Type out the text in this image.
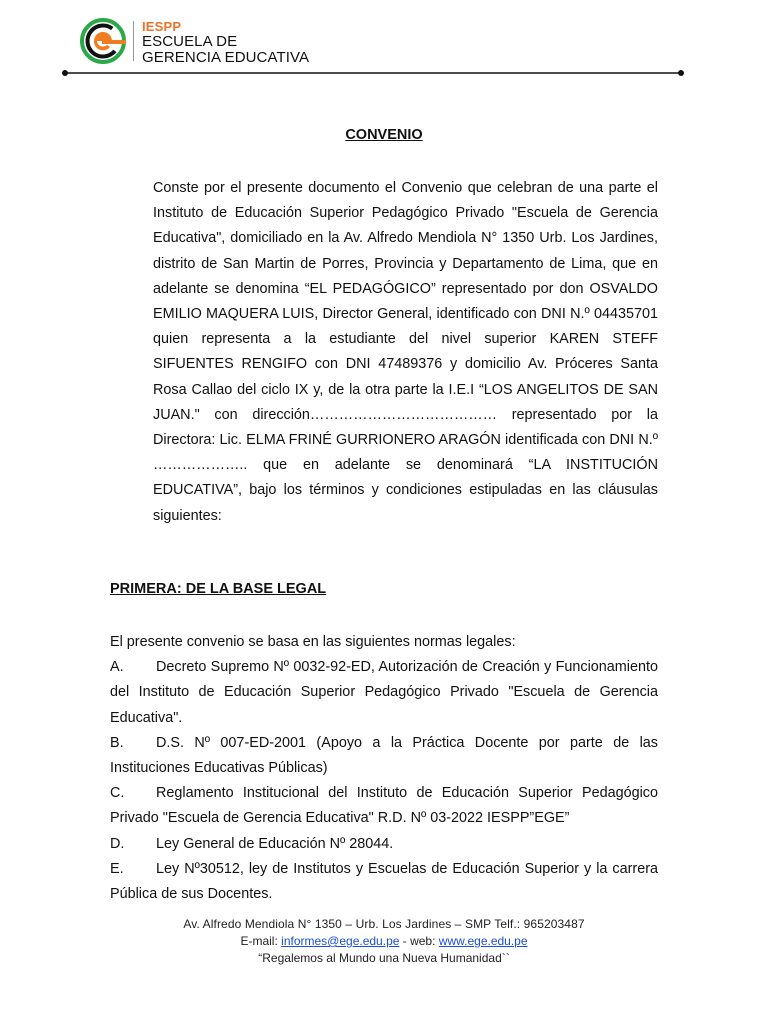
IESPP
ESCUELA DE
GERENCIA EDUCATIVA
CONVENIO

Conste por el presente documento el Convenio que celebran de una parte el Instituto de Educación Superior Pedagógico Privado "Escuela de Gerencia Educativa", domiciliado en la Av. Alfredo Mendiola N° 1350 Urb. Los Jardines, distrito de San Martin de Porres, Provincia y Departamento de Lima, que en adelante se denomina “EL PEDAGÓGICO” representado por don OSVALDO EMILIO MAQUERA LUIS, Director General, identificado con DNI N.º 04435701 quien representa a la estudiante del nivel superior KAREN STEFF SIFUENTES RENGIFO con DNI 47489376 y domicilio Av. Próceres Santa Rosa Callao del ciclo IX y, de la otra parte la I.E.I “LOS ANGELITOS DE SAN JUAN." con dirección………………………………… representado por la Directora: Lic. ELMA FRINÉ GURRIONERO ARAGÓN identificada con DNI N.º ……………….. que en adelante se denominará “LA INSTITUCIÓN EDUCATIVA”, bajo los términos y condiciones estipuladas en las cláusulas siguientes:

PRIMERA: DE LA BASE LEGAL

El presente convenio se basa en las siguientes normas legales:

A. Decreto Supremo Nº 0032-92-ED, Autorización de Creación y Funcionamiento del Instituto de Educación Superior Pedagógico Privado "Escuela de Gerencia Educativa".

B. D.S. Nº 007-ED-2001 (Apoyo a la Práctica Docente por parte de las Instituciones Educativas Públicas)

C. Reglamento Institucional del Instituto de Educación Superior Pedagógico Privado "Escuela de Gerencia Educativa" R.D. Nº 03-2022 IESPP”EGE”

D. Ley General de Educación Nº 28044.

E. Ley Nº30512, ley de Institutos y Escuelas de Educación Superior y la carrera Pública de sus Docentes.

Av. Alfredo Mendiola N° 1350 – Urb. Los Jardines – SMP Telf.: 965203487
E-mail: informes@ege.edu.pe - web: www.ege.edu.pe
“Regalemos al Mundo una Nueva Humanidad``
